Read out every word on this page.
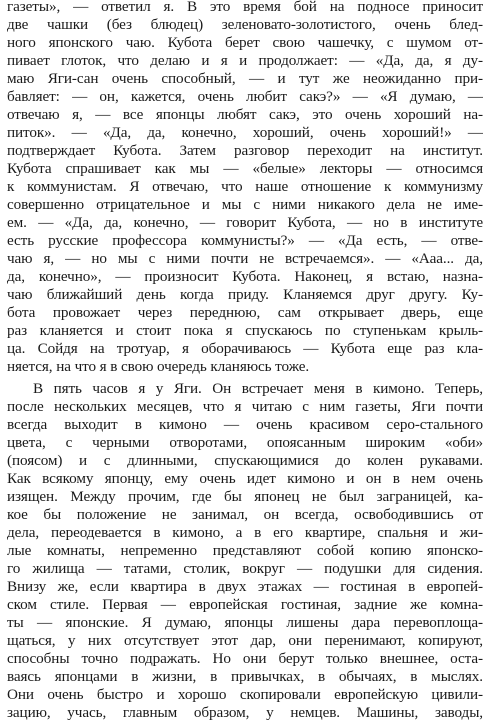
газеты», — ответил я. В это время бой на подносе приносит
две чашки (без блюдец) зеленовато-золотистого, очень блед-
ного японского чаю. Кубота берет свою чашечку, с шумом от-
пивает глоток, что делаю и я и продолжает: — «Да, да, я ду-
маю Яги-сан очень способный, — и тут же неожиданно при-
бавляет: — он, кажется, очень любит сакэ?» — «Я думаю, —
отвечаю я, — все японцы любят сакэ, это очень хороший на-
питок». — «Да, да, конечно, хороший, очень хороший!» —
подтверждает Кубота. Затем разговор переходит на институт.
Кубота спрашивает как мы — «белые» лекторы — относимся
к коммунистам. Я отвечаю, что наше отношение к коммунизму
совершенно отрицательное и мы с ними никакого дела не име-
ем. — «Да, да, конечно, — говорит Кубота, — но в институте
есть русские профессора коммунисты?» — «Да есть, — отве-
чаю я, — но мы с ними почти не встречаемся». — «Ааа... да,
да, конечно», — произносит Кубота. Наконец, я встаю, назна-
чаю ближайший день когда приду. Кланяемся друг другу. Ку-
бота провожает через переднюю, сам открывает дверь, еще
раз кланяется и стоит пока я спускаюсь по ступенькам крыль-
ца. Сойдя на тротуар, я оборачиваюсь — Кубота еще раз кла-
няется, на что я в свою очередь кланяюсь тоже.
В пять часов я у Яги. Он встречает меня в кимоно. Теперь,
после нескольких месяцев, что я читаю с ним газеты, Яги почти
всегда выходит в кимоно — очень красивом серо-стального
цвета, с черными отворотами, опоясанным широким «оби»
(поясом) и с длинными, спускающимися до колен рукавами.
Как всякому японцу, ему очень идет кимоно и он в нем очень
изящен. Между прочим, где бы японец не был заграницей, ка-
кое бы положение не занимал, он всегда, освободившись от
дела, переодевается в кимоно, а в его квартире, спальня и жи-
лые комнаты, непременно представляют собой копию японско-
го жилища — татами, столик, вокруг — подушки для сидения.
Внизу же, если квартира в двух этажах — гостиная в европей-
ском стиле. Первая — европейская гостиная, задние же комна-
ты — японские. Я думаю, японцы лишены дара перевоплоща-
щаться, у них отсутствует этот дар, они перенимают, копируют,
способны точно подражать. Но они берут только внешнее, оста-
ваясь японцами в жизни, в привычках, в обычаях, в мыслях.
Они очень быстро и хорошо скопировали европейскую цивили-
зацию, учась, главным образом, у немцев. Машины, заводы,
